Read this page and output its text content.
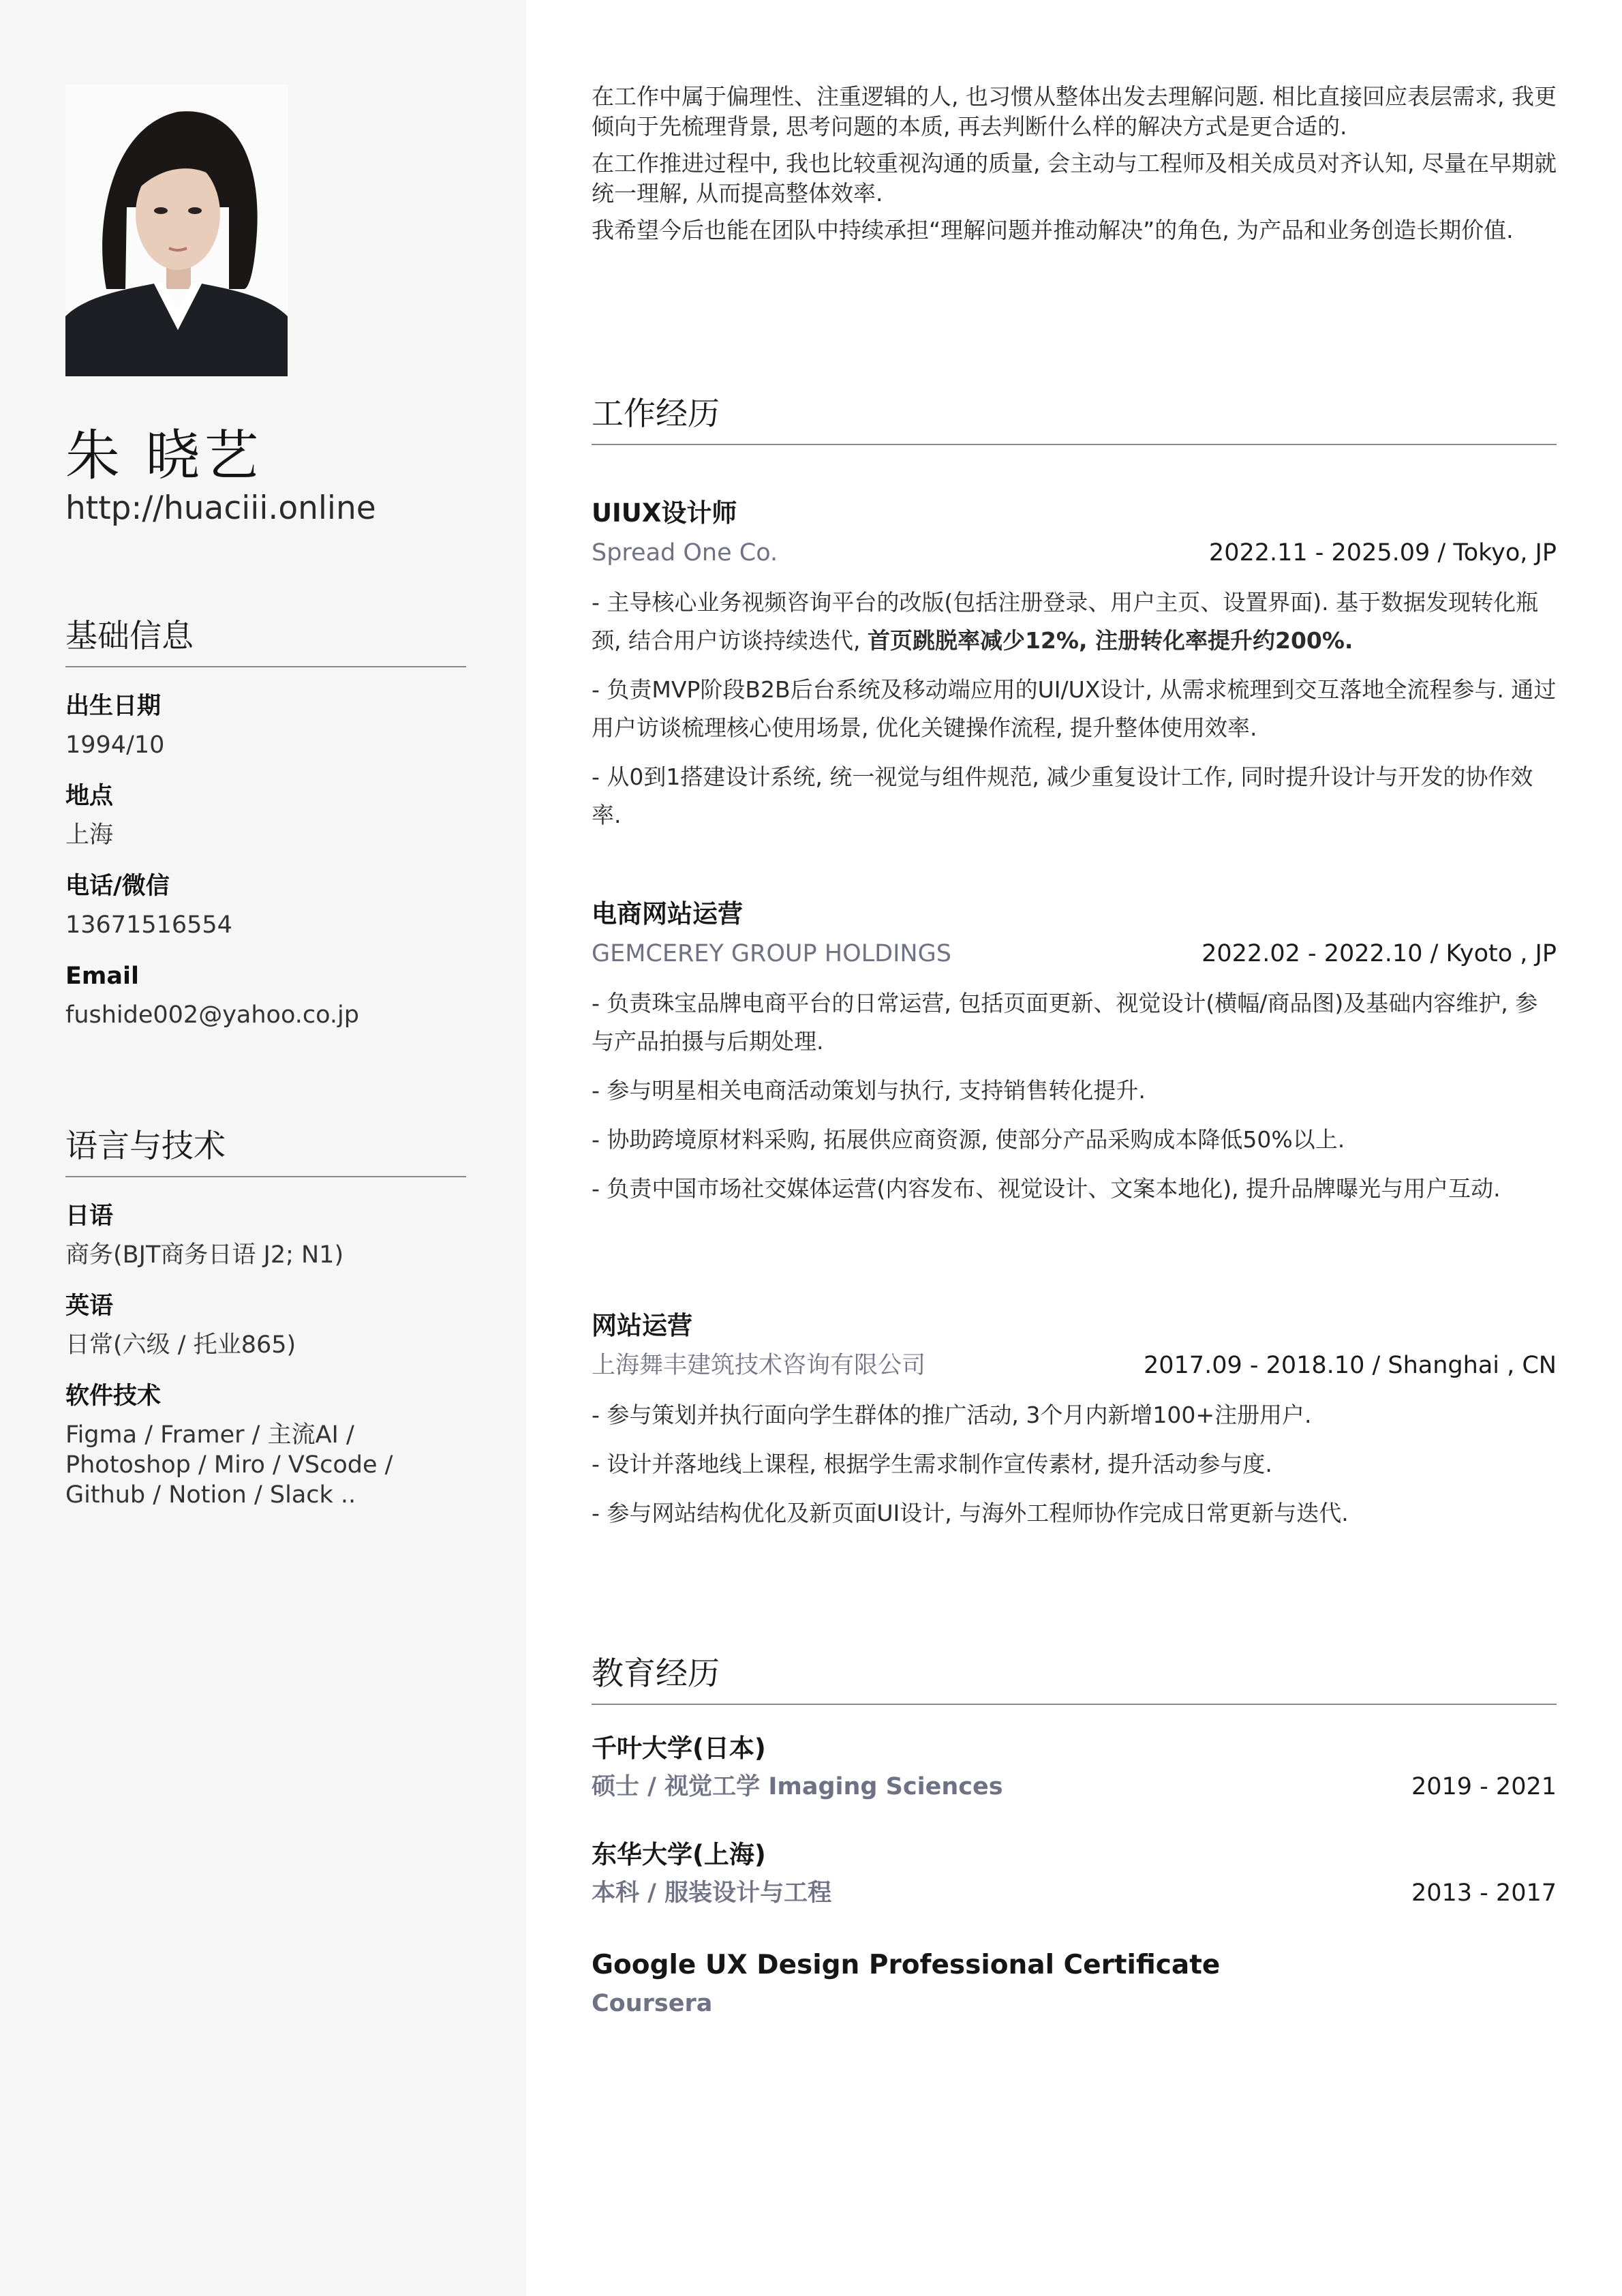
朱 晓艺
http://huaciii.online
基础信息
出生日期
1994/10
地点
上海
电话/微信
13671516554
Email
fushide002@yahoo.co.jp
语言与技术
日语
商务(BJT商务日语 J2; N1)
英语
日常(六级 / 托业865)
软件技术
Figma / Framer / 主流AI / Photoshop / Miro / VScode / Github / Notion / Slack ..

在工作中属于偏理性、注重逻辑的人, 也习惯从整体出发去理解问题. 相比直接回应表层需求, 我更倾向于先梳理背景, 思考问题的本质, 再去判断什么样的解决方式是更合适的.

在工作推进过程中, 我也比较重视沟通的质量, 会主动与工程师及相关成员对齐认知, 尽量在早期就统一理解, 从而提高整体效率.

我希望今后也能在团队中持续承担“理解问题并推动解决”的角色, 为产品和业务创造长期价值.

工作经历
UIUX设计师
Spread One Co.	2022.11 - 2025.09 / Tokyo, JP

- 主导核心业务视频咨询平台的改版(包括注册登录、用户主页、设置界面). 基于数据发现转化瓶颈, 结合用户访谈持续迭代, 首页跳脱率减少12%, 注册转化率提升约200%.

- 负责MVP阶段B2B后台系统及移动端应用的UI/UX设计, 从需求梳理到交互落地全流程参与. 通过用户访谈梳理核心使用场景, 优化关键操作流程, 提升整体使用效率.

- 从0到1搭建设计系统, 统一视觉与组件规范, 减少重复设计工作, 同时提升设计与开发的协作效率.

电商网站运营
GEMCEREY GROUP HOLDINGS	2022.02 - 2022.10 / Kyoto , JP

- 负责珠宝品牌电商平台的日常运营, 包括页面更新、视觉设计(横幅/商品图)及基础内容维护, 参与产品拍摄与后期处理.

- 参与明星相关电商活动策划与执行, 支持销售转化提升.

- 协助跨境原材料采购, 拓展供应商资源, 使部分产品采购成本降低50%以上.

- 负责中国市场社交媒体运营(内容发布、视觉设计、文案本地化), 提升品牌曝光与用户互动.

网站运营
上海舞丰建筑技术咨询有限公司	2017.09 - 2018.10 / Shanghai , CN

- 参与策划并执行面向学生群体的推广活动, 3个月内新增100+注册用户.

- 设计并落地线上课程, 根据学生需求制作宣传素材, 提升活动参与度.

- 参与网站结构优化及新页面UI设计, 与海外工程师协作完成日常更新与迭代.

教育经历
千叶大学(日本)
硕士 / 视觉工学 Imaging Sciences	2019 - 2021
东华大学(上海)
本科 / 服装设计与工程	2013 - 2017
Google UX Design Professional Certificate
Coursera
